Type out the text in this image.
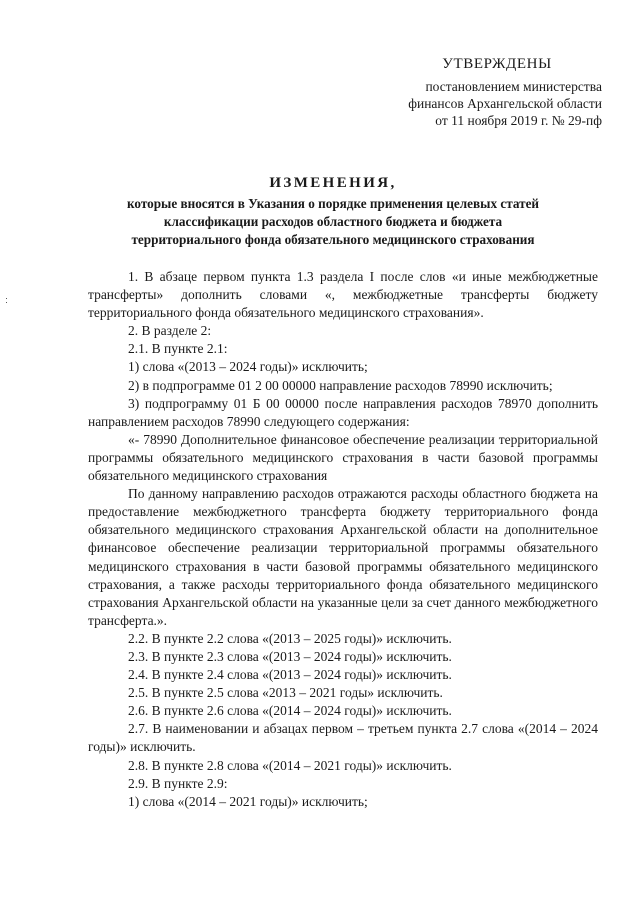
УТВЕРЖДЕНЫ
постановлением министерства
финансов Архангельской области
от 11 ноября 2019 г. № 29-пф
ИЗМЕНЕНИЯ,
которые вносятся в Указания о порядке применения целевых статей
классификации расходов областного бюджета и бюджета
территориального фонда обязательного медицинского страхования

1. В абзаце первом пункта 1.3 раздела I после слов «и иные межбюджетные трансферты» дополнить словами «, межбюджетные трансферты бюджету территориального фонда обязательного медицинского страхования».

2. В разделе 2:

2.1. В пункте 2.1:

1) слова «(2013 – 2024 годы)» исключить;

2) в подпрограмме 01 2 00 00000 направление расходов 78990 исключить;

3) подпрограмму 01 Б 00 00000 после направления расходов 78970 дополнить направлением расходов 78990 следующего содержания:

«- 78990 Дополнительное финансовое обеспечение реализации территориальной программы обязательного медицинского страхования в части базовой программы обязательного медицинского страхования

По данному направлению расходов отражаются расходы областного бюджета на предоставление межбюджетного трансферта бюджету территориального фонда обязательного медицинского страхования Архангельской области на дополнительное финансовое обеспечение реализации территориальной программы обязательного медицинского страхования в части базовой программы обязательного медицинского страхования, а также расходы территориального фонда обязательного медицинского страхования Архангельской области на указанные цели за счет данного межбюджетного трансферта.».

2.2. В пункте 2.2 слова «(2013 – 2025 годы)» исключить.

2.3. В пункте 2.3 слова «(2013 – 2024 годы)» исключить.

2.4. В пункте 2.4 слова «(2013 – 2024 годы)» исключить.

2.5. В пункте 2.5 слова «2013 – 2021 годы» исключить.

2.6. В пункте 2.6 слова «(2014 – 2024 годы)» исключить.

2.7. В наименовании и абзацах первом – третьем пункта 2.7 слова «(2014 – 2024 годы)» исключить.

2.8. В пункте 2.8 слова «(2014 – 2021 годы)» исключить.

2.9. В пункте 2.9:

1) слова «(2014 – 2021 годы)» исключить;
